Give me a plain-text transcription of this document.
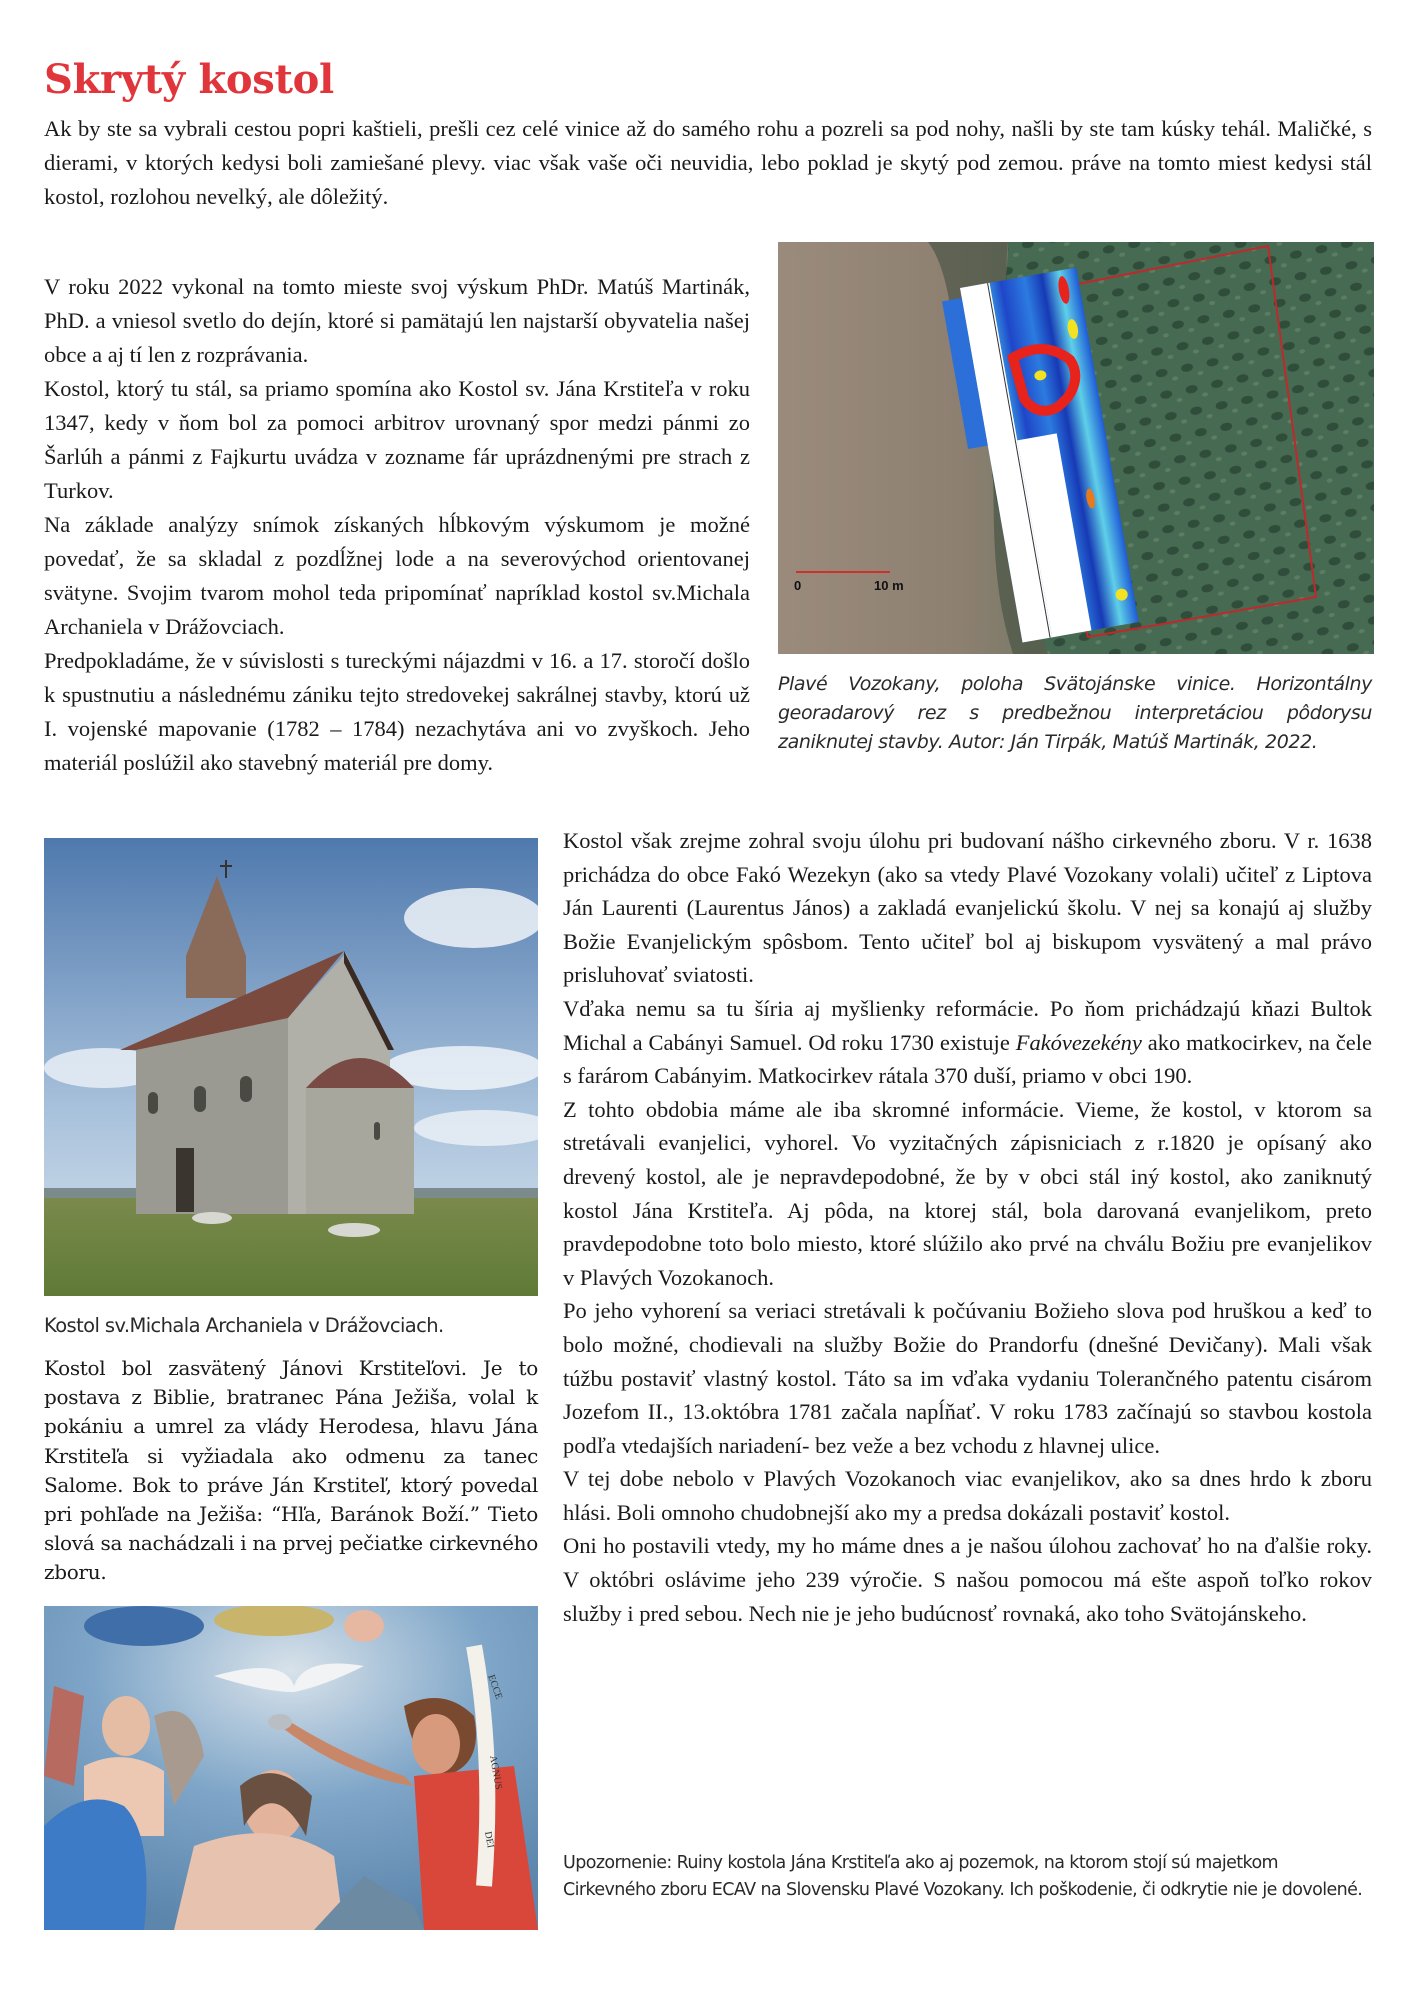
Skrytý kostol

Ak by ste sa vybrali cestou popri kaštieli, prešli cez celé vinice až do samého rohu a pozreli sa pod nohy, našli by ste tam kúsky tehál. Maličké, s dierami, v ktorých kedysi boli zamiešané plevy. viac však vaše oči neuvidia, lebo poklad je skytý pod zemou. práve na tomto miest kedysi stál kostol, rozlohou nevelký, ale dôležitý.

V roku 2022 vykonal na tomto mieste svoj výskum PhDr. Matúš Martinák, PhD. a vniesol svetlo do dejín, ktoré si pamätajú len najstarší obyvatelia našej obce a aj tí len z rozprávania.

Kostol, ktorý tu stál, sa priamo spomína ako Kostol sv. Jána Krstiteľa v roku 1347, kedy v ňom bol za pomoci arbitrov urovnaný spor medzi pánmi zo Šarlúh a pánmi z Fajkurtu uvádza v zozname fár uprázdnenými pre strach z Turkov.

Na základe analýzy snímok získaných hĺbkovým výskumom je možné povedať, že sa skladal z pozdĺžnej lode a na severovýchod orientovanej svätyne. Svojim tvarom mohol teda pripomínať napríklad kostol sv.Michala Archaniela v Drážovciach.

Predpokladáme, že v súvislosti s tureckými nájazdmi v 16. a 17. storočí došlo k spustnutiu a následnému zániku tejto stredovekej sakrálnej stavby, ktorú už I. vojenské mapovanie (1782 – 1784) nezachytáva ani vo zvyškoch. Jeho materiál poslúžil ako stavebný materiál pre domy.

0	10 m

Plavé Vozokany, poloha Svätojánske vinice. Horizontálny georadarový rez s predbežnou interpretáciou pôdorysu zaniknutej stavby. Autor: Ján Tirpák, Matúš Martinák, 2022.

Kostol sv.Michala Archaniela v Drážovciach.

Kostol bol zasvätený Jánovi Krstiteľovi. Je to postava z Biblie, bratranec Pána Ježiša, volal k pokániu a umrel za vlády Herodesa, hlavu Jána Krstiteľa si vyžiadala ako odmenu za tanec Salome. Bok to práve Ján Krstiteľ, ktorý povedal pri pohľade na Ježiša: “Hľa, Baránok Boží.” Tieto slová sa nachádzali i na prvej pečiatke cirkevného zboru.

ECCE
AGNUS
DEI

Kostol však zrejme zohral svoju úlohu pri budovaní nášho cirkevného zboru. V r. 1638 prichádza do obce Fakó Wezekyn (ako sa vtedy Plavé Vozokany volali) učiteľ z Liptova Ján Laurenti (Laurentus János) a zakladá evanjelickú školu. V nej sa konajú aj služby Božie Evanjelickým spôsbom. Tento učiteľ bol aj biskupom vysvätený a mal právo prisluhovať sviatosti.

Vďaka nemu sa tu šíria aj myšlienky reformácie. Po ňom prichádzajú kňazi Bultok Michal a Cabányi Samuel. Od roku 1730 existuje Fakóvezekény ako matkocirkev, na čele s farárom Cabányim. Matkocirkev rátala 370 duší, priamo v obci 190.

Z tohto obdobia máme ale iba skromné informácie. Vieme, že kostol, v ktorom sa stretávali evanjelici, vyhorel. Vo vyzitačných zápisniciach z r.1820 je opísaný ako drevený kostol, ale je nepravdepodobné, že by v obci stál iný kostol, ako zaniknutý kostol Jána Krstiteľa. Aj pôda, na ktorej stál, bola darovaná evanjelikom, preto pravdepodobne toto bolo miesto, ktoré slúžilo ako prvé na chválu Božiu pre evanjelikov v Plavých Vozokanoch.

Po jeho vyhorení sa veriaci stretávali k počúvaniu Božieho slova pod hruškou a keď to bolo možné, chodievali na služby Božie do Prandorfu (dnešné Devičany). Mali však túžbu postaviť vlastný kostol. Táto sa im vďaka vydaniu Tolerančného patentu cisárom Jozefom II., 13.októbra 1781 začala napĺňať. V roku 1783 začínajú so stavbou kostola podľa vtedajších nariadení- bez veže a bez vchodu z hlavnej ulice.

V tej dobe nebolo v Plavých Vozokanoch viac evanjelikov, ako sa dnes hrdo k zboru hlási. Boli omnoho chudobnejší ako my a predsa dokázali postaviť kostol.

Oni ho postavili vtedy, my ho máme dnes a je našou úlohou zachovať ho na ďalšie roky. V októbri oslávime jeho 239 výročie. S našou pomocou má ešte aspoň toľko rokov služby i pred sebou. Nech nie je jeho budúcnosť rovnaká, ako toho Svätojánskeho.

Upozornenie: Ruiny kostola Jána Krstiteľa ako aj pozemok, na ktorom stojí sú majetkom Cirkevného zboru ECAV na Slovensku Plavé Vozokany. Ich poškodenie, či odkrytie nie je dovolené.
